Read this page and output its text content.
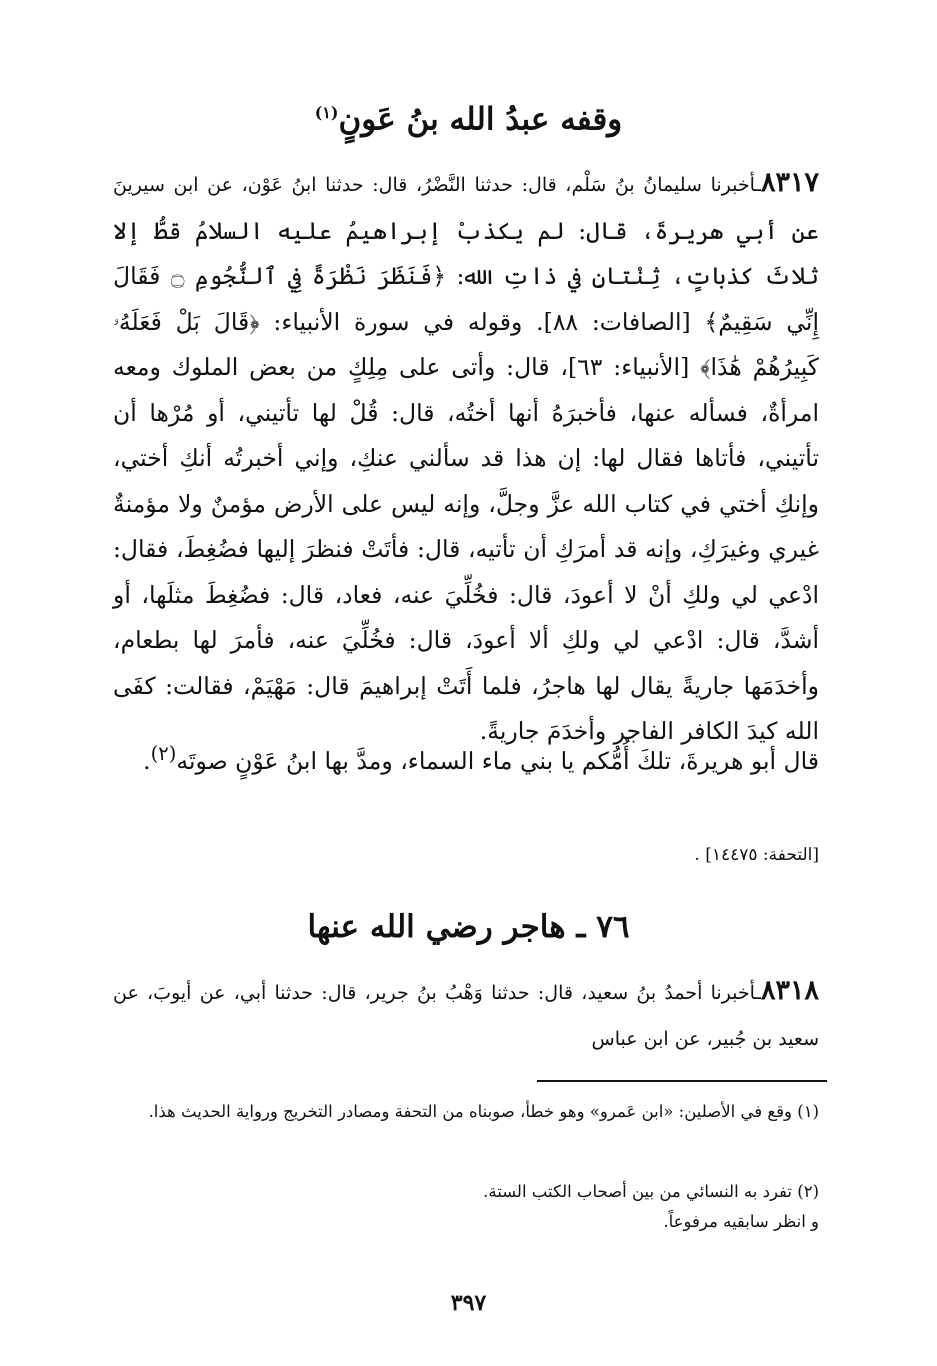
وقفه عبدُ الله بنُ عَونٍ$^{(١)}$
٨٣١٧ـأخبرنا سليمانُ بنُ سَلْم، قال: حدثنا النَّضْرُ، قال: حدثنا ابنُ عَوْن، عن ابن سيرينَ عن أبي هريرةَ، قال: لم يكذبْ إبراهيمُ عليه السلامُ قطُّ إلا ثلاثَ كذباتٍ، ثِنْتانِ في ذاتِ الله: ﴿فَنَظَرَ نَظْرَةً فِي ٱلنُّجُومِ ۝ فَقَالَ إِنِّي سَقِيمٌ﴾ [الصافات: ٨٨]. وقوله في سورة الأنبياء: ﴿قَالَ بَلْ فَعَلَهُۥ كَبِيرُهُمْ هَٰذَا﴾ [الأنبياء: ٦٣]، قال: وأتى على مِلِكٍ من بعض الملوك ومعه امرأةٌ، فسأله عنها، فأخبرَهُ أنها أختُه، قال: قُلْ لها تأتيني، أو مُرْها أن تأتيني، فأتاها فقال لها: إن هذا قد سألني عنكِ، وإني أخبرتُه أنكِ أختي، وإنكِ أختي في كتاب الله عزَّ وجلَّ، وإنه ليس على الأرض مؤمنٌ ولا مؤمنةٌ غيري وغيرَكِ، وإنه قد أمرَكِ أن تأتيه، قال: فأتَتْ فنظرَ إليها فضُغِطَ، فقال: ادْعي لي ولكِ أنْ لا أعودَ، قال: فخُلِّيَ عنه، فعاد، قال: فضُغِطَ مثلَها، أو أشدَّ، قال: ادْعي لي ولكِ ألا أعودَ، قال: فخُلِّيَ عنه، فأمرَ لها بطعام، وأخدَمَها جاريةً يقال لها هاجرُ، فلما أَتَتْ إبراهيمَ قال: مَهْيَمْ، فقالت: كفَى الله كيدَ الكافر الفاجر وأخدَمَ جاريةً.
قال أبو هريرةَ، تلكَ أُمُّكم يا بني ماء السماء، ومدَّ بها ابنُ عَوْنٍ صوتَه$^{(٢)}$.
[التحفة: ١٤٤٧٥] .
٧٦ ـ هاجر رضي الله عنها
٨٣١٨ـأخبرنا أحمدُ بنُ سعيد، قال: حدثنا وَهْبُ بنُ جرير، قال: حدثنا أبي، عن أيوبَ، عن سعيد بن جُبير، عن ابن عباس
(١) وقع في الأصلين: «ابن عَمرو» وهو خطأ، صوبناه من التحفة ومصادر التخريج ورواية الحديث هذا.
(٢) تفرد به النسائي من بين أصحاب الكتب الستة.
و انظر سابقيه مرفوعاً.
٣٩٧
